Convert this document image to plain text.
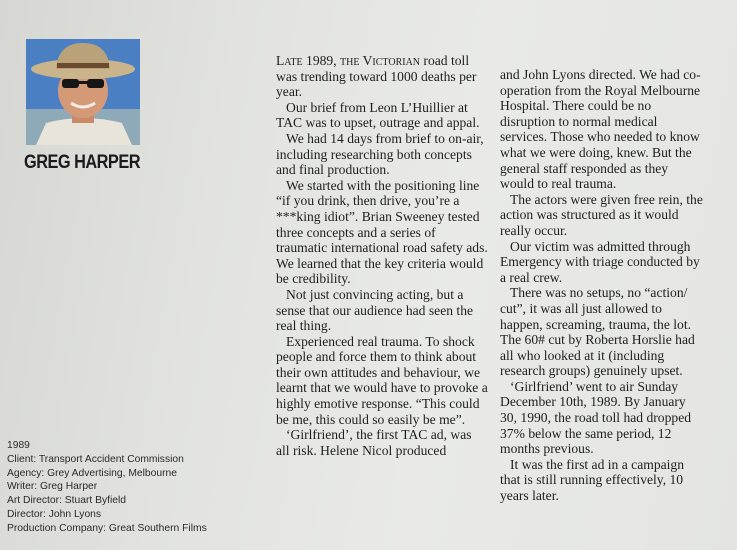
GREG HARPER
1989
Client: Transport Accident Commission
Agency: Grey Advertising, Melbourne
Writer: Greg Harper
Art Director: Stuart Byfield
Director: John Lyons
Production Company: Great Southern Films

Late 1989, the Victorian road toll was trending toward 1000 deaths per year.

Our brief from Leon L’Huillier at TAC was to upset, outrage and appal.

We had 14 days from brief to on-air, including researching both concepts and final production.

We started with the positioning line “if you drink, then drive, you’re a ***king idiot”. Brian Sweeney tested three concepts and a series of traumatic international road safety ads. We learned that the key criteria would be credibility.

Not just convincing acting, but a sense that our audience had seen the real thing.

Experienced real trauma. To shock people and force them to think about their own attitudes and behaviour, we learnt that we would have to provoke a highly emotive response. “This could be me, this could so easily be me”.

‘Girlfriend’, the first TAC ad, was all risk. Helene Nicol produced

and John Lyons directed. We had co-operation from the Royal Melbourne Hospital. There could be no disruption to normal medical services. Those who needed to know what we were doing, knew. But the general staff responded as they would to real trauma.

The actors were given free rein, the action was structured as it would really occur.

Our victim was admitted through Emergency with triage conducted by a real crew.

There was no setups, no “action/ cut”, it was all just allowed to happen, screaming, trauma, the lot. The 60# cut by Roberta Horslie had all who looked at it (including research groups) genuinely upset.

‘Girlfriend’ went to air Sunday December 10th, 1989. By January 30, 1990, the road toll had dropped 37% below the same period, 12 months previous.

It was the first ad in a campaign that is still running effectively, 10 years later.
